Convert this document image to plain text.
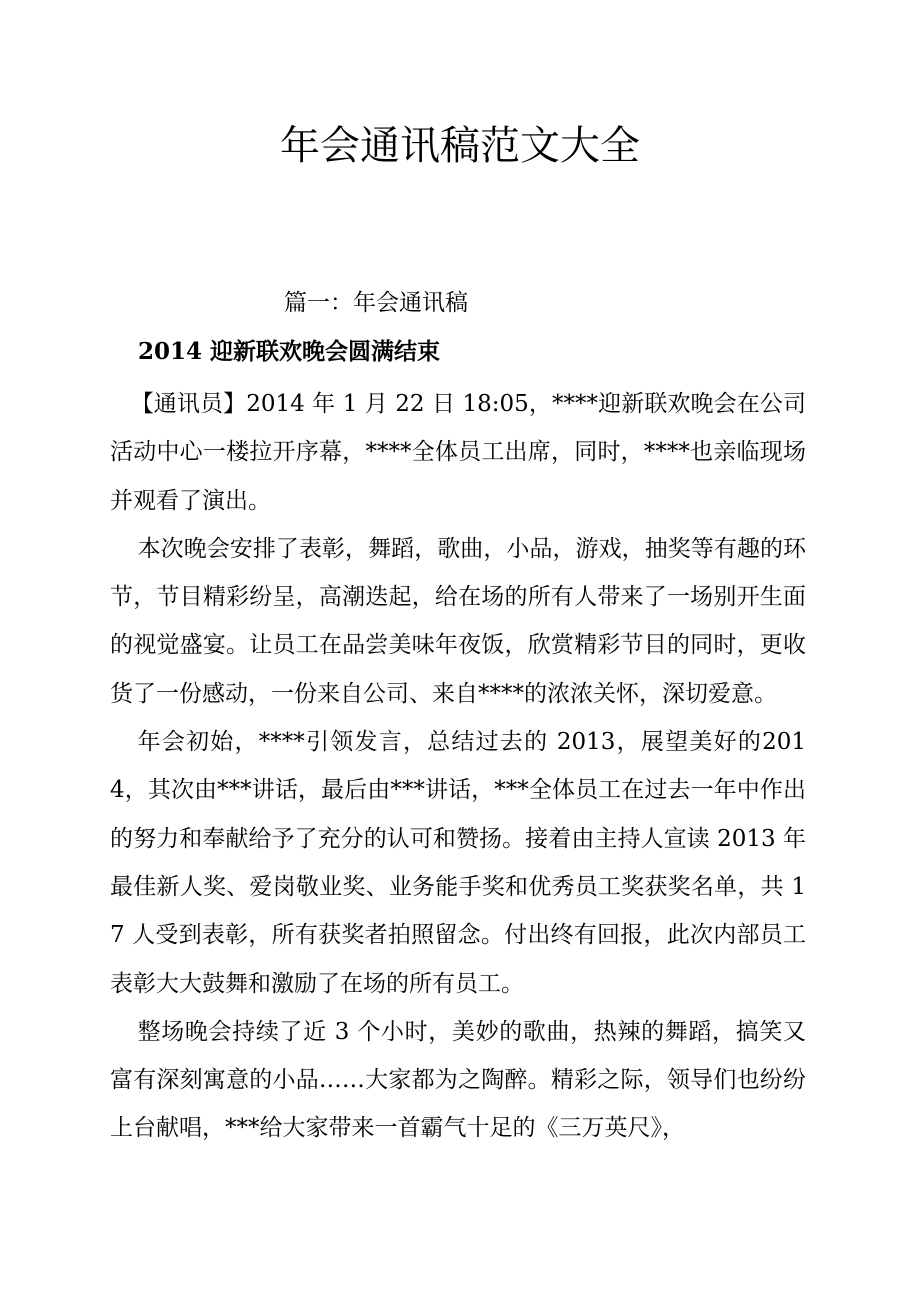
年会通讯稿范文大全
篇一：年会通讯稿
2014 迎新联欢晚会圆满结束

【通讯员】2014 年 1 月 22 日 18:05，****迎新联欢晚会在公司活动中心一楼拉开序幕，****全体员工出席，同时，****也亲临现场并观看了演出。

本次晚会安排了表彰，舞蹈，歌曲，小品，游戏，抽奖等有趣的环节，节目精彩纷呈，高潮迭起，给在场的所有人带来了一场别开生面的视觉盛宴。让员工在品尝美味年夜饭，欣赏精彩节目的同时，更收货了一份感动，一份来自公司、来自****的浓浓关怀，深切爱意。

年会初始，****引领发言，总结过去的 2013，展望美好的2014，其次由***讲话，最后由***讲话，***全体员工在过去一年中作出的努力和奉献给予了充分的认可和赞扬。接着由主持人宣读 2013 年最佳新人奖、爱岗敬业奖、业务能手奖和优秀员工奖获奖名单，共 17 人受到表彰，所有获奖者拍照留念。付出终有回报，此次内部员工表彰大大鼓舞和激励了在场的所有员工。

整场晚会持续了近 3 个小时，美妙的歌曲，热辣的舞蹈，搞笑又富有深刻寓意的小品……大家都为之陶醉。精彩之际，领导们也纷纷上台献唱，***给大家带来一首霸气十足的《三万英尺》，
